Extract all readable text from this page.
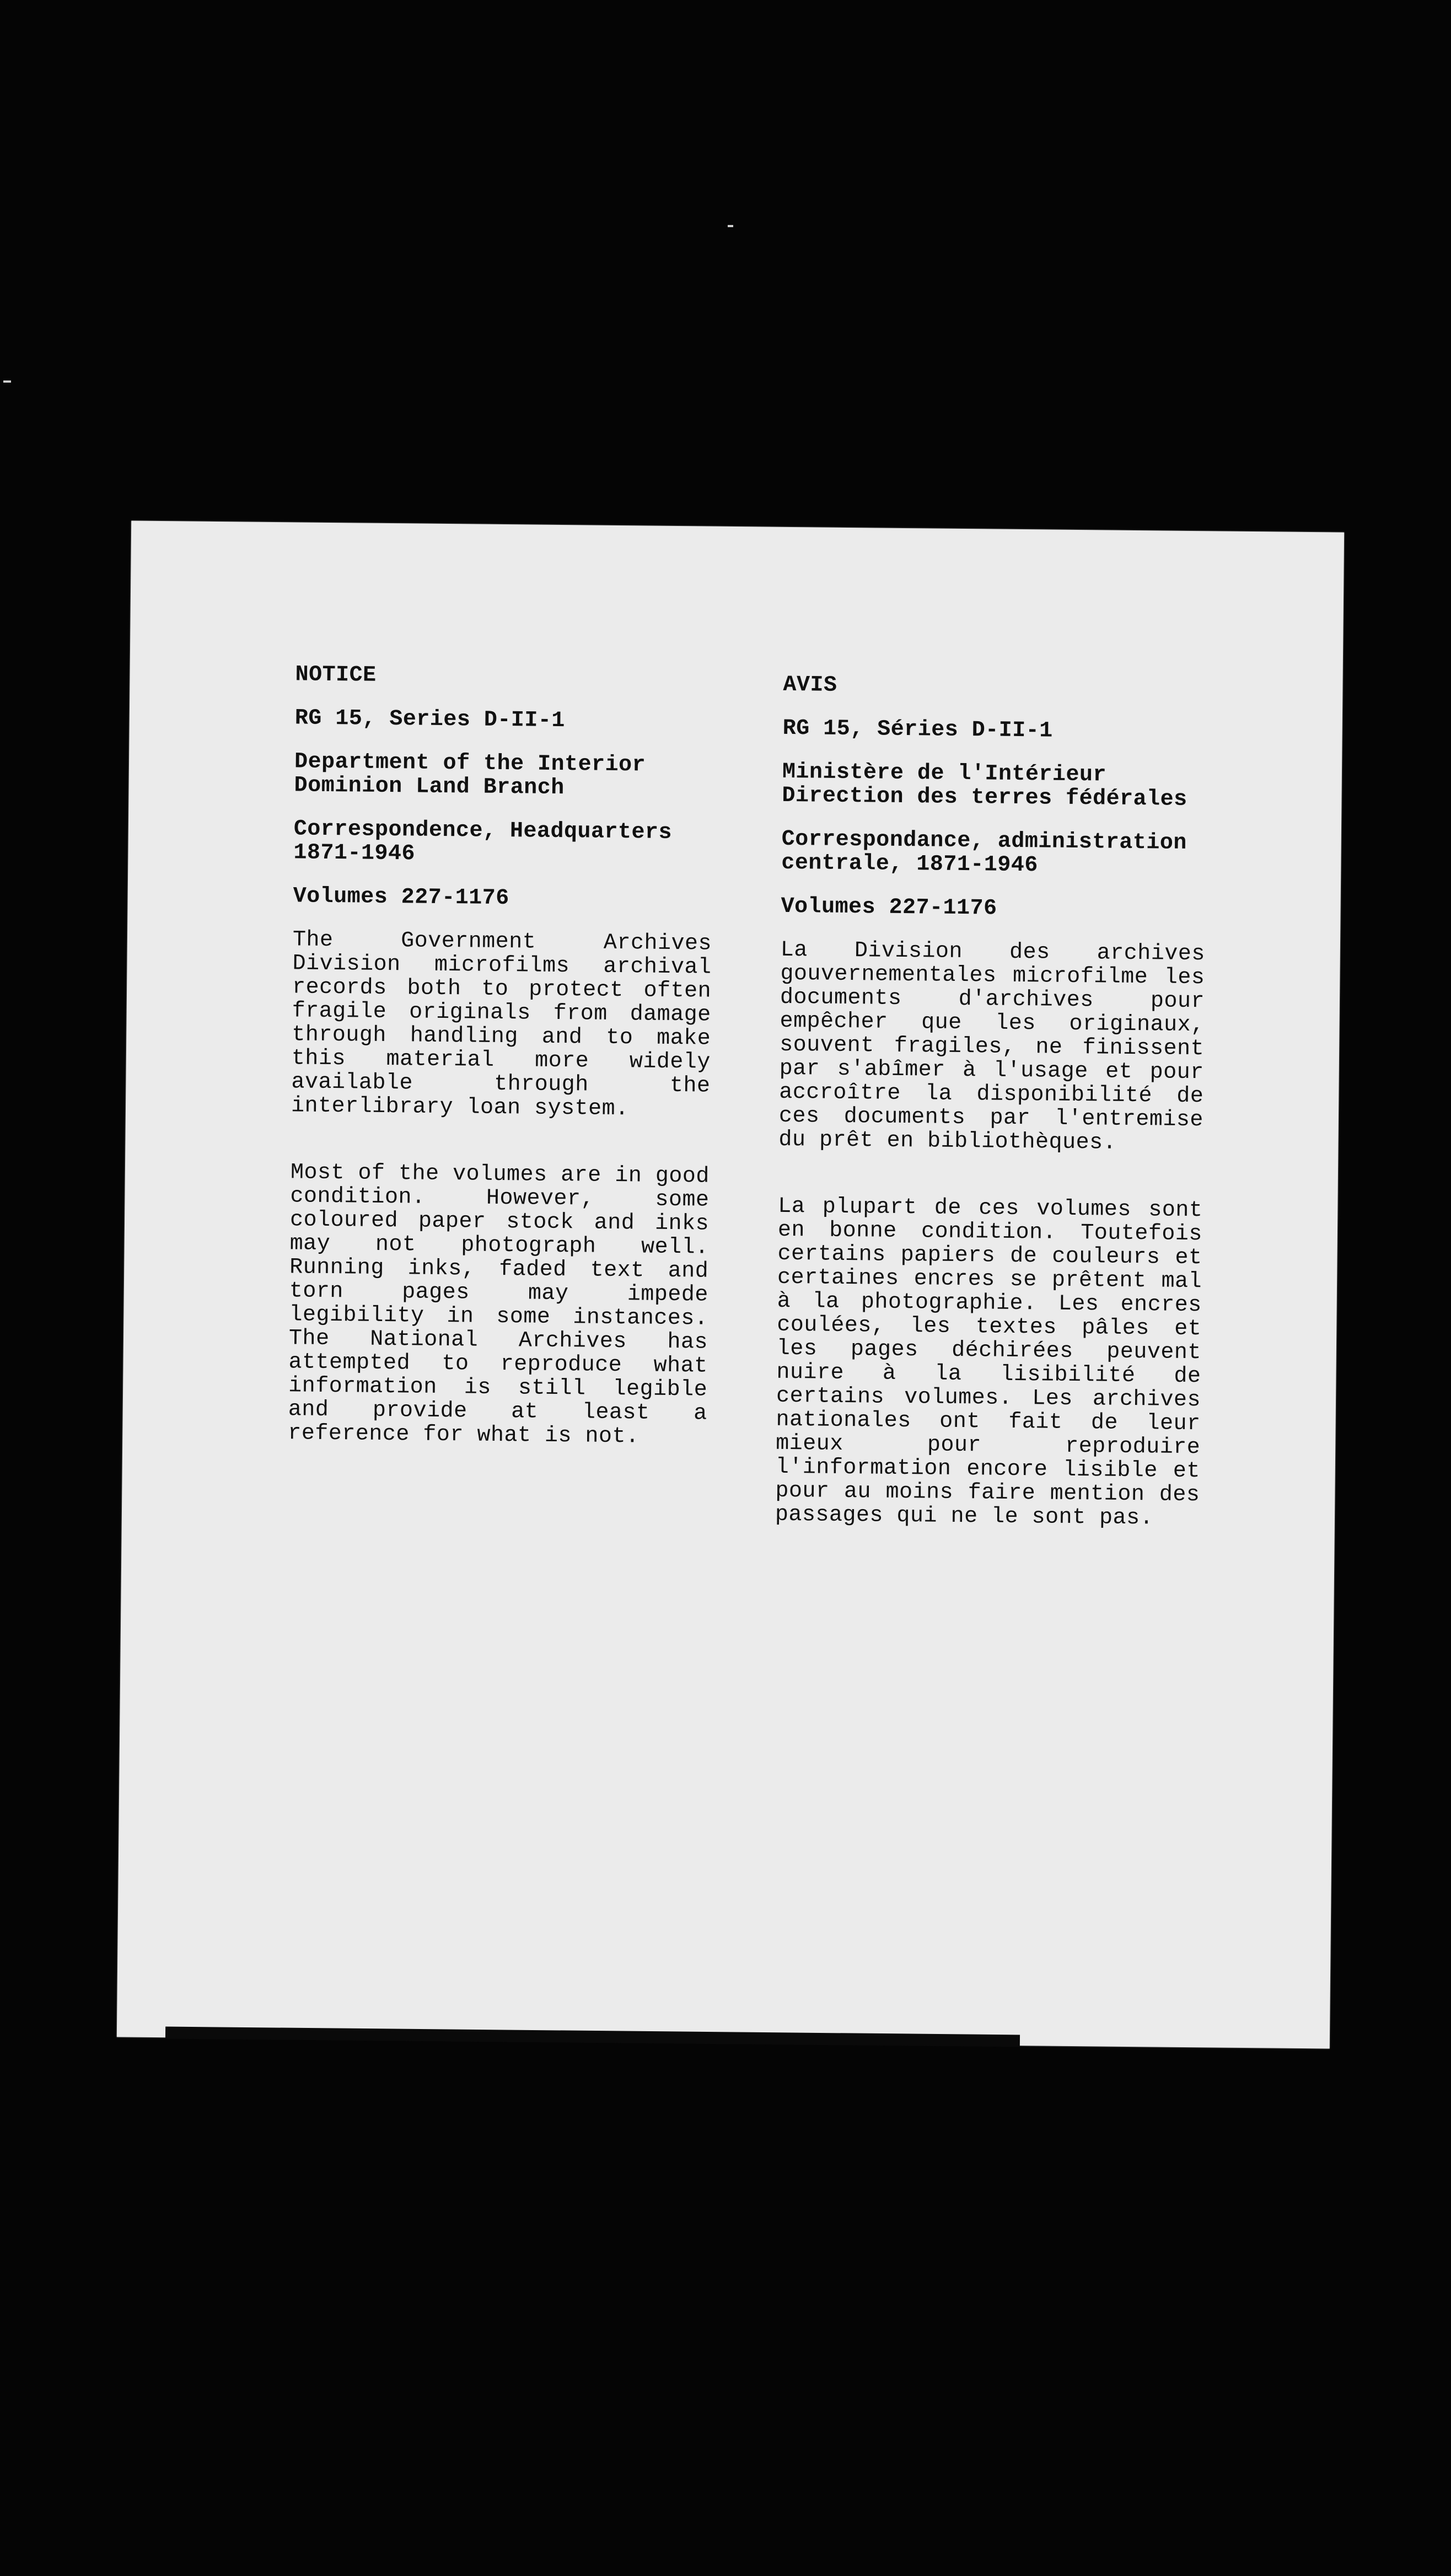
NOTICE

RG 15, Series D-II-1

Department of the Interior
Dominion Land Branch

Correspondence, Headquarters
1871-1946

Volumes 227-1176

The Government Archives Division microfilms archival records both to protect often fragile originals from damage through handling and to make this material more widely available through the interlibrary loan system.

Most of the volumes are in good condition. However, some coloured paper stock and inks may not photograph well. Running inks, faded text and torn pages may impede legibility in some instances. The National Archives has attempted to reproduce what information is still legible and provide at least a reference for what is not.

AVIS

RG 15, Séries D-II-1

Ministère de l'Intérieur
Direction des terres fédérales

Correspondance, administration
centrale, 1871-1946

Volumes 227-1176

La Division des archives gouvernementales microfilme les documents d'archives pour empêcher que les originaux, souvent fragiles, ne finissent par s'abîmer à l'usage et pour accroître la disponibilité de ces documents par l'entremise du prêt en bibliothèques.

La plupart de ces volumes sont en bonne condition. Toutefois certains papiers de couleurs et certaines encres se prêtent mal à la photographie. Les encres coulées, les textes pâles et les pages déchirées peuvent nuire à la lisibilité de certains volumes. Les archives nationales ont fait de leur mieux pour reproduire l'information encore lisible et pour au moins faire mention des passages qui ne le sont pas.
